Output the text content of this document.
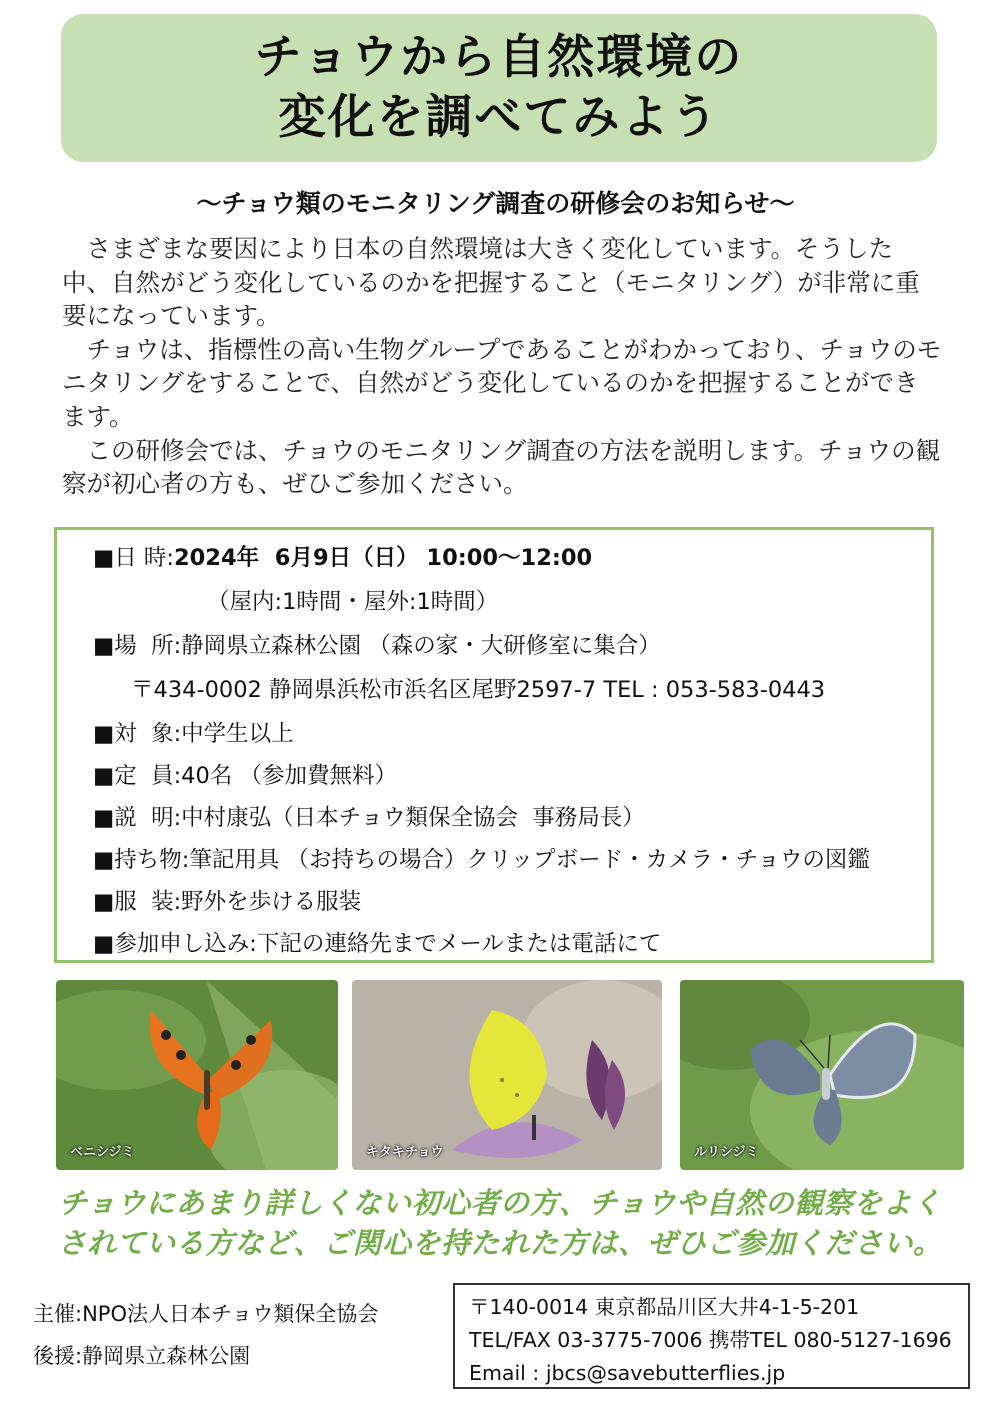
チョウから自然環境の
変化を調べてみよう
～チョウ類のモニタリング調査の研修会のお知らせ～

さまざまな要因により日本の自然環境は大きく変化しています。そうした中、自然がどう変化しているのかを把握すること（モニタリング）が非常に重要になっています。

チョウは、指標性の高い生物グループであることがわかっており、チョウのモニタリングをすることで、自然がどう変化しているのかを把握することができます。

この研修会では、チョウのモニタリング調査の方法を説明します。チョウの観察が初心者の方も、ぜひご参加ください。

■日 時:2024年  6月9日（日） 10:00～12:00
（屋内:1時間・屋外:1時間）
■場  所:静岡県立森林公園 （森の家・大研修室に集合）
〒434-0002 静岡県浜松市浜名区尾野2597-7 TEL : 053-583-0443
■対  象:中学生以上
■定  員:40名 （参加費無料）
■説  明:中村康弘（日本チョウ類保全協会  事務局長）
■持ち物:筆記用具 （お持ちの場合）クリップボード・カメラ・チョウの図鑑
■服  装:野外を歩ける服装
■参加申し込み:下記の連絡先までメールまたは電話にて
ベニシジミ	キタキチョウ	ルリシジミ
チョウにあまり詳しくない初心者の方、チョウや自然の観察をよく
されている方など、ご関心を持たれた方は、ぜひご参加ください。
主催:NPO法人日本チョウ類保全協会
後援:静岡県立森林公園
〒140-0014 東京都品川区大井4-1-5-201
TEL/FAX 03-3775-7006 携帯TEL 080-5127-1696
Email : jbcs@savebutterflies.jp
